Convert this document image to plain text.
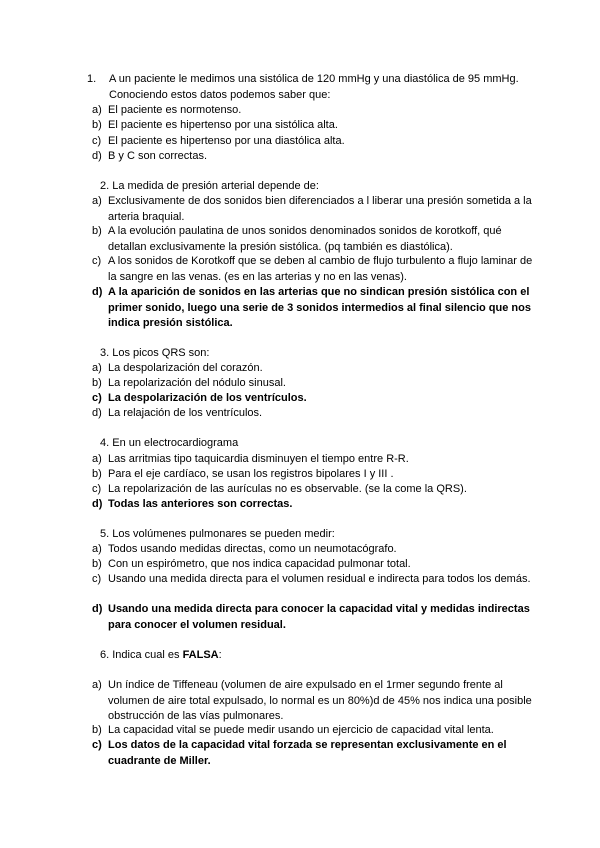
1. A un paciente le medimos una sistólica de 120 mmHg y una diastólica de 95 mmHg.
Conociendo estos datos podemos saber que:
a) El paciente es normotenso.
b) El paciente es hipertenso por una sistólica alta.
c) El paciente es hipertenso por una diastólica alta.
d) B y C son correctas.
2. La medida de presión arterial depende de:
a) Exclusivamente de dos sonidos bien diferenciados a l liberar una presión sometida a la arteria braquial.
b) A la evolución paulatina de unos sonidos denominados sonidos de korotkoff, qué detallan exclusivamente la presión sistólica. (pq también es diastólica).
c) A los sonidos de Korotkoff que se deben al cambio de flujo turbulento a flujo laminar de la sangre en las venas. (es en las arterias y no en las venas).
d) A la aparición de sonidos en las arterias que no sindican presión sistólica con el primer sonido, luego una serie de 3 sonidos intermedios al final silencio que nos indica presión sistólica.
3. Los picos QRS son:
a) La despolarización del corazón.
b) La repolarización del nódulo sinusal.
c) La despolarización de los ventrículos.
d) La relajación de los ventrículos.
4. En un electrocardiograma
a) Las arritmias tipo taquicardia disminuyen el tiempo entre R-R.
b) Para el eje cardíaco, se usan los registros bipolares I y III .
c) La repolarización de las aurículas no es observable. (se la come la QRS).
d) Todas las anteriores son correctas.
5. Los volúmenes pulmonares se pueden medir:
a) Todos usando medidas directas, como un neumotacógrafo.
b) Con un espirómetro, que nos indica capacidad pulmonar total.
c) Usando una medida directa para el volumen residual e indirecta para todos los demás.
d) Usando una medida directa para conocer la capacidad vital y medidas indirectas para conocer el volumen residual.
6. Indica cual es FALSA:
a) Un índice de Tiffeneau (volumen de aire expulsado en el 1rmer segundo frente al volumen de aire total expulsado, lo normal es un 80%)d de 45% nos indica una posible obstrucción de las vías pulmonares.
b) La capacidad vital se puede medir usando un ejercicio de capacidad vital lenta.
c) Los datos de la capacidad vital forzada se representan exclusivamente en el cuadrante de Miller.
